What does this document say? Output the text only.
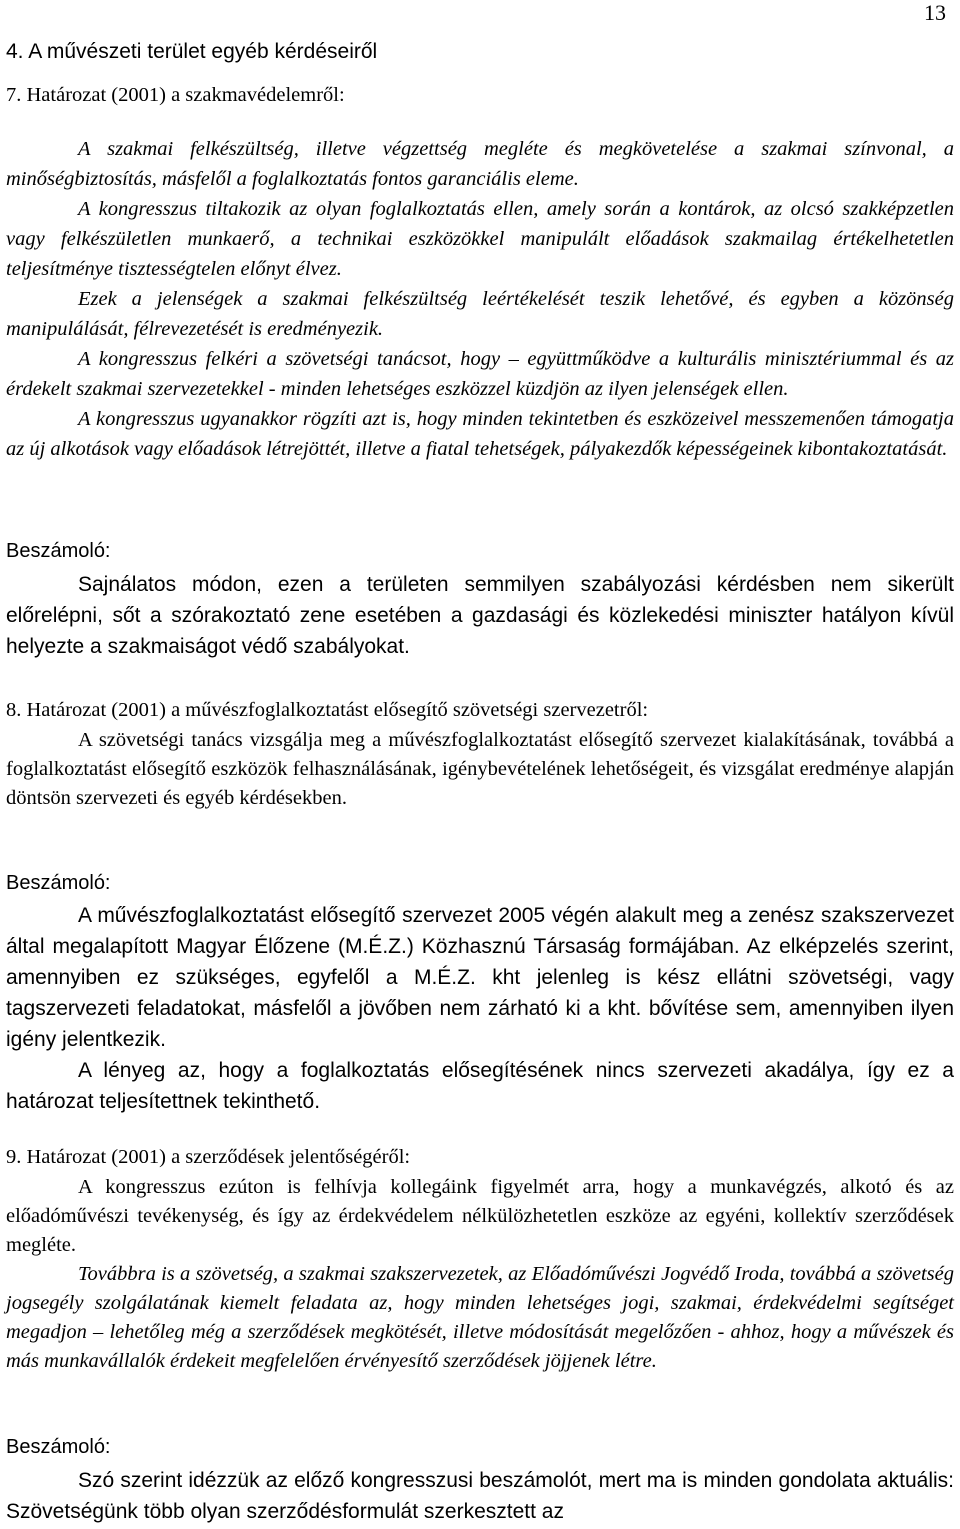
13
4. A művészeti terület egyéb kérdéseiről

7. Határozat (2001) a szakmavédelemről:

A szakmai felkészültség, illetve végzettség megléte és megkövetelése a szakmai színvonal, a minőségbiztosítás, másfelől a foglalkoztatás fontos garanciális eleme.

A kongresszus tiltakozik az olyan foglalkoztatás ellen, amely során a kontárok, az olcsó szakképzetlen vagy felkészületlen munkaerő, a technikai eszközökkel manipulált előadások szakmailag értékelhetetlen teljesítménye tisztességtelen előnyt élvez.

Ezek a jelenségek a szakmai felkészültség leértékelését teszik lehetővé, és egyben a közönség manipulálását, félrevezetését is eredményezik.

A kongresszus felkéri a szövetségi tanácsot, hogy – együttműködve a kulturális minisztériummal és az érdekelt szakmai szervezetekkel - minden lehetséges eszközzel küzdjön az ilyen jelenségek ellen.

A kongresszus ugyanakkor rögzíti azt is, hogy minden tekintetben és eszközeivel messzemenően támogatja az új alkotások vagy előadások létrejöttét, illetve a fiatal tehetségek, pályakezdők képességeinek kibontakoztatását.

Beszámoló:

Sajnálatos módon, ezen a területen semmilyen szabályozási kérdésben nem sikerült előrelépni, sőt a szórakoztató zene esetében a gazdasági és közlekedési miniszter hatályon kívül helyezte a szakmaiságot védő szabályokat.

8. Határozat (2001) a művészfoglalkoztatást elősegítő szövetségi szervezetről:

A szövetségi tanács vizsgálja meg a művészfoglalkoztatást elősegítő szervezet kialakításának, továbbá a foglalkoztatást elősegítő eszközök felhasználásának, igénybevételének lehetőségeit, és vizsgálat eredménye alapján döntsön szervezeti és egyéb kérdésekben.

Beszámoló:

A művészfoglalkoztatást elősegítő szervezet 2005 végén alakult meg a zenész szakszervezet által megalapított Magyar Élőzene (M.É.Z.) Közhasznú Társaság formájában. Az elképzelés szerint, amennyiben ez szükséges, egyfelől a M.É.Z. kht jelenleg is kész ellátni szövetségi, vagy tagszervezeti feladatokat, másfelől a jövőben nem zárható ki a kht. bővítése sem, amennyiben ilyen igény jelentkezik.

A lényeg az, hogy a foglalkoztatás elősegítésének nincs szervezeti akadálya, így ez a határozat teljesítettnek tekinthető.

9. Határozat (2001) a szerződések jelentőségéről:

A kongresszus ezúton is felhívja kollegáink figyelmét arra, hogy a munkavégzés, alkotó és az előadóművészi tevékenység, és így az érdekvédelem nélkülözhetetlen eszköze az egyéni, kollektív szerződések megléte.

Továbbra is a szövetség, a szakmai szakszervezetek, az Előadóművészi Jogvédő Iroda, továbbá a szövetség jogsegély szolgálatának kiemelt feladata az, hogy minden lehetséges jogi, szakmai, érdekvédelmi segítséget megadjon – lehetőleg még a szerződések megkötését, illetve módosítását megelőzően - ahhoz, hogy a művészek és más munkavállalók érdekeit megfelelően érvényesítő szerződések jöjjenek létre.

Beszámoló:

Szó szerint idézzük az előző kongresszusi beszámolót, mert ma is minden gondolata aktuális: Szövetségünk több olyan szerződésformulát szerkesztett az
